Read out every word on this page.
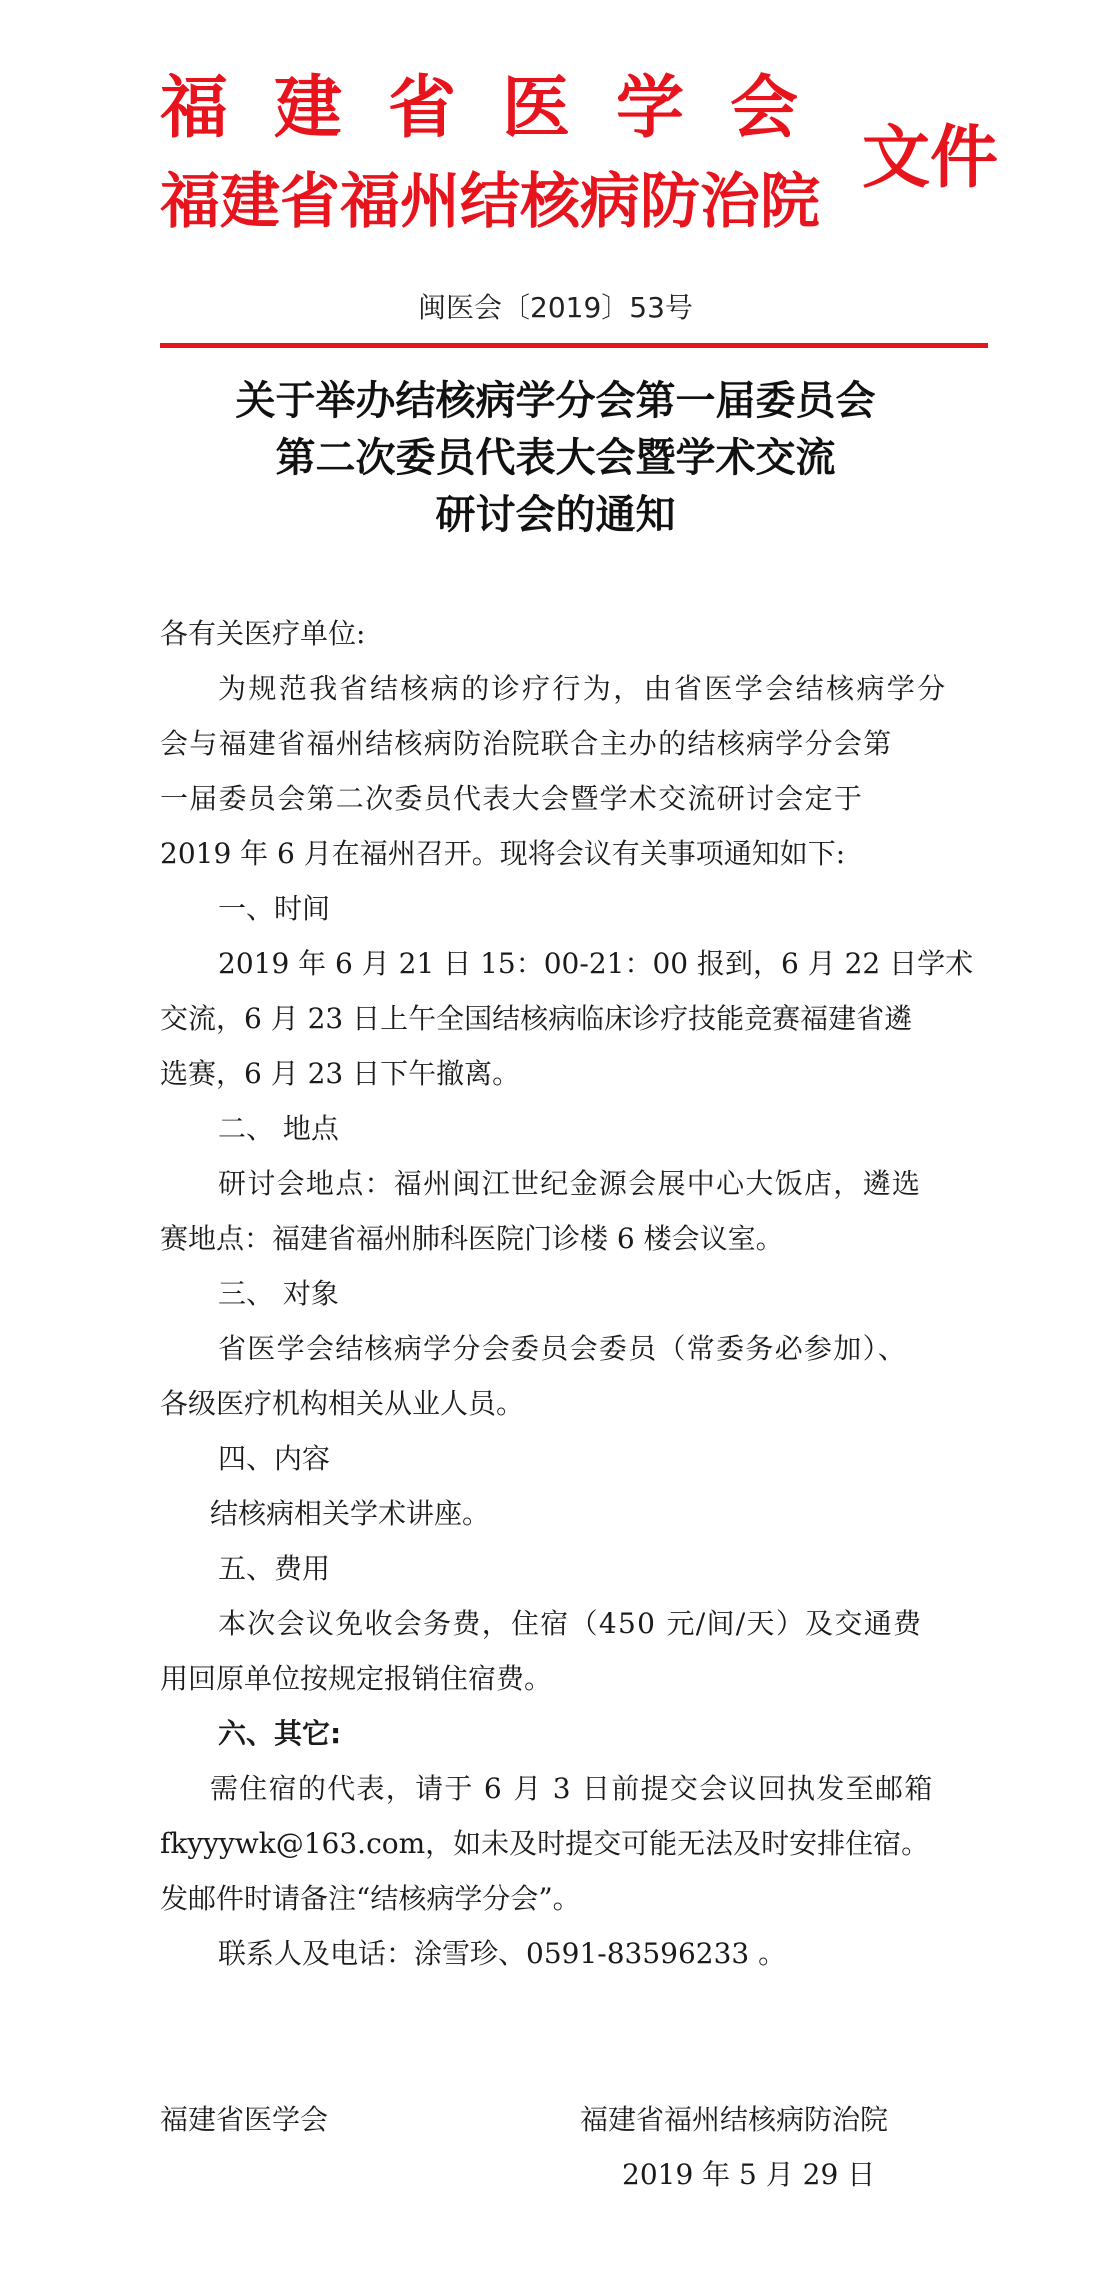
福建省医学会
福建省福州结核病防治院
文件
闽医会〔2019〕53号
关于举办结核病学分会第一届委员会
第二次委员代表大会暨学术交流
研讨会的通知

各有关医疗单位:

为规范我省结核病的诊疗行为，由省医学会结核病学分

会与福建省福州结核病防治院联合主办的结核病学分会第

一届委员会第二次委员代表大会暨学术交流研讨会定于

2019 年 6 月在福州召开。现将会议有关事项通知如下:

一、时间

2019 年 6 月 21 日 15：00-21：00 报到，6 月 22 日学术

交流，6 月 23 日上午全国结核病临床诊疗技能竞赛福建省遴

选赛，6 月 23 日下午撤离。

二、 地点

研讨会地点：福州闽江世纪金源会展中心大饭店，遴选

赛地点：福建省福州肺科医院门诊楼 6 楼会议室。

三、 对象

省医学会结核病学分会委员会委员（常委务必参加）、

各级医疗机构相关从业人员。

四、内容

结核病相关学术讲座。

五、费用

本次会议免收会务费，住宿（450 元/间/天）及交通费

用回原单位按规定报销住宿费。

六、其它:

需住宿的代表，请于 6 月 3 日前提交会议回执发至邮箱

fkyyywk@163.com，如未及时提交可能无法及时安排住宿。

发邮件时请备注“结核病学分会”。

联系人及电话：涂雪珍、0591-83596233 。

福建省医学会	福建省福州结核病防治院
2019 年 5 月 29 日
